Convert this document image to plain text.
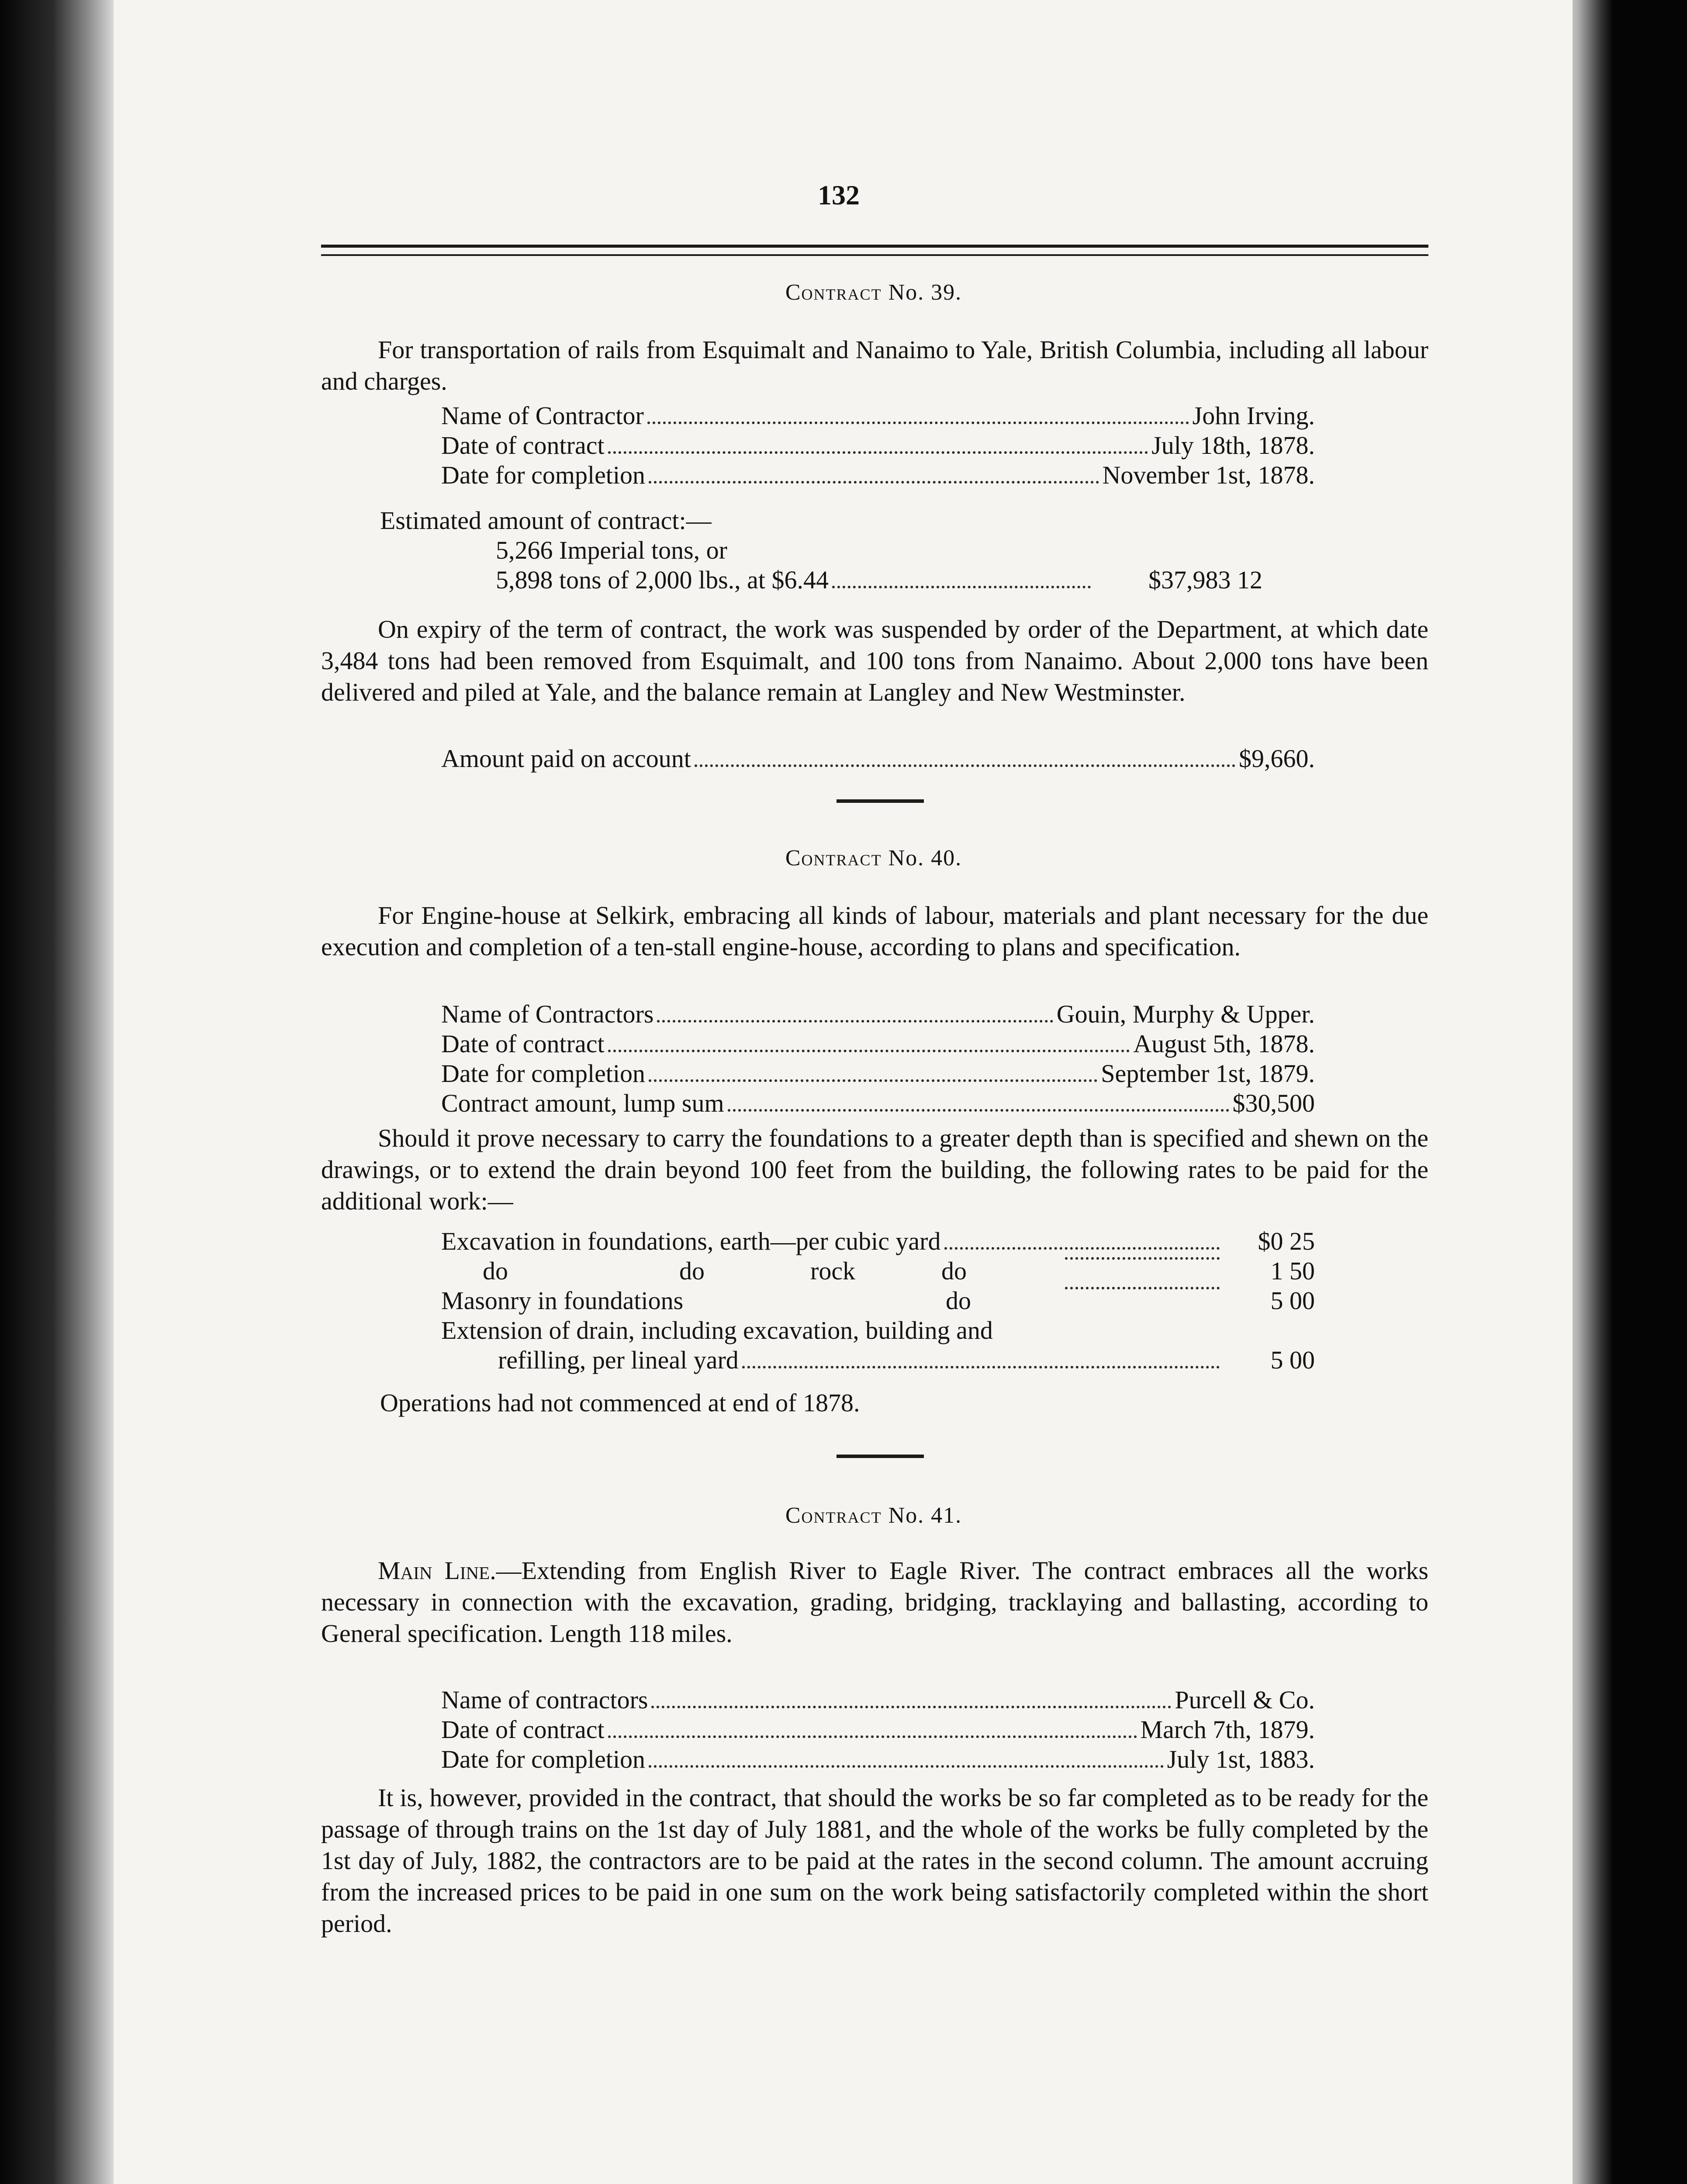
132
Contract No. 39.
For transportation of rails from Esquimalt and Nanaimo to Yale, British Columbia, including all labour and charges.
Name of Contractor	John Irving.
Date of contract	July 18th, 1878.
Date for completion	November 1st, 1878.
Estimated amount of contract:—
5,266 Imperial tons, or
5,898 tons of 2,000 lbs., at $6.44	$37,983 12
On expiry of the term of contract, the work was suspended by order of the Department, at which date 3,484 tons had been removed from Esquimalt, and 100 tons from Nanaimo. About 2,000 tons have been delivered and piled at Yale, and the balance remain at Langley and New Westminster.
Amount paid on account	$9,660.
Contract No. 40.
For Engine-house at Selkirk, embracing all kinds of labour, materials and plant necessary for the due execution and completion of a ten-stall engine-house, according to plans and specification.
Name of Contractors	Gouin, Murphy & Upper.
Date of contract	August 5th, 1878.
Date for completion	September 1st, 1879.
Contract amount, lump sum	$30,500
Should it prove necessary to carry the foundations to a greater depth than is specified and shewn on the drawings, or to extend the drain beyond 100 feet from the building, the following rates to be paid for the additional work:—
Excavation in foundations, earth—per cubic yard	$0 25
do	do	rock	do	1 50
Masonry in foundations	do	5 00
Extension of drain, including excavation, building and
refilling, per lineal yard	5 00
Operations had not commenced at end of 1878.
Contract No. 41.
Main Line.—Extending from English River to Eagle River. The contract embraces all the works necessary in connection with the excavation, grading, bridging, tracklaying and ballasting, according to General specification. Length 118 miles.
Name of contractors	Purcell & Co.
Date of contract	March 7th, 1879.
Date for completion	July 1st, 1883.
It is, however, provided in the contract, that should the works be so far completed as to be ready for the passage of through trains on the 1st day of July 1881, and the whole of the works be fully completed by the 1st day of July, 1882, the contractors are to be paid at the rates in the second column. The amount accruing from the increased prices to be paid in one sum on the work being satisfactorily completed within the short period.
